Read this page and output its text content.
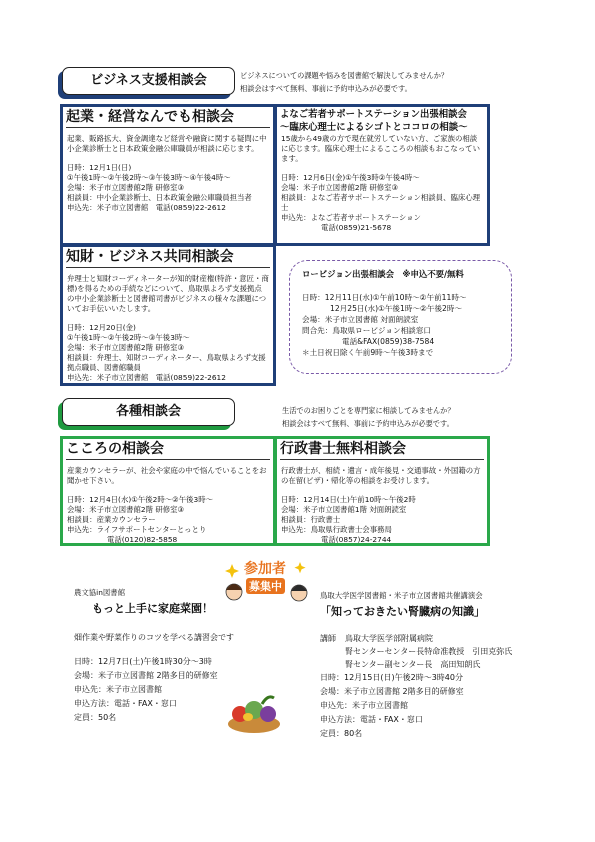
ビジネス支援相談会	ビジネスについての課題や悩みを図書館で解決してみませんか？
相談会はすべて無料、事前に予約申込みが必要です。
起業・経営なんでも相談会

起業、販路拡大、資金調達など経営や融資に関する疑問に中小企業診断士と日本政策金融公庫職員が相談に応じます。

日時：12月1日(日)

①午後1時～②午後2時～③午後3時～④午後4時～

会場：米子市立図書館2階 研修室③

相談員：中小企業診断士、日本政策金融公庫職員担当者

申込先：米子市立図書館　電話(0859)22-2612

よなご若者サポートステーション出張相談会
～臨床心理士によるシゴトとココロの相談～

15歳から49歳の方で現在就労していない方、ご家族の相談に応じます。臨床心理士によるこころの相談もおこなっています。

日時：12月6日(金)①午後3時②午後4時～

会場：米子市立図書館2階 研修室③

相談員：よなご若者サポートステーション相談員、臨床心理士

申込先：よなご若者サポートステーション

電話(0859)21-5678

知財・ビジネス共同相談会

弁理士と知財コーディネーターが知的財産権(特許・意匠・商標)を得るための手続などについて、鳥取県よろず支援拠点の中小企業診断士と図書館司書がビジネスの様々な課題についてお手伝いいたします。

日時：12月20日(金)

①午後1時～②午後2時～③午後3時～

会場：米子市立図書館2階 研修室③

相談員：弁理士、知財コーディネーター、鳥取県よろず支援拠点職員、図書館職員

申込先：米子市立図書館　電話(0859)22-2612

ロービジョン出張相談会　※申込不要/無料

日時：12月11日(水)①午前10時～②午前11時～

12月25日(水)①午後1時～②午後2時～

会場：米子市立図書館 対面朗読室

問合先：鳥取県ロービジョン相談窓口

電話&FAX(0859)38-7584

＊土日祝日除く午前9時～午後3時まで

各種相談会	生活でのお困りごとを専門家に相談してみませんか？
相談会はすべて無料、事前に予約申込みが必要です。
こころの相談会

産業カウンセラーが、社会や家庭の中で悩んでいることをお聞かせ下さい。

日時：12月4日(水)①午後2時～②午後3時～

会場：米子市立図書館2階 研修室③

相談員：産業カウンセラー

申込先：ライフサポートセンターとっとり

電話(0120)82-5858

行政書士無料相談会

行政書士が、相続・遺言・成年後見・交通事故・外国籍の方の在留(ビザ)・帰化等の相談をお受けします。

日時：12月14日(土)午前10時～午後2時

会場：米子市立図書館1階 対面朗読室

相談員：行政書士

申込先：鳥取県行政書士会事務局

電話(0857)24-2744

参加者
募集中
農文協in図書館
もっと上手に家庭菜園！
畑作業や野菜作りのコツを学べる講習会です
日時：12月7日(土)午後1時30分～3時
会場：米子市立図書館 2階多目的研修室
申込先：米子市立図書館
申込方法：電話・FAX・窓口
定員：50名
鳥取大学医学図書館・米子市立図書館共催講演会
「知っておきたい腎臓病の知識」
講師 鳥取大学医学部附属病院
腎センターセンター長特命准教授　引田克弥氏
腎センター副センター長　高田知朗氏
日時：12月15日(日)午後2時～3時40分
会場：米子市立図書館 2階多目的研修室
申込先：米子市立図書館
申込方法：電話・FAX・窓口
定員：80名
